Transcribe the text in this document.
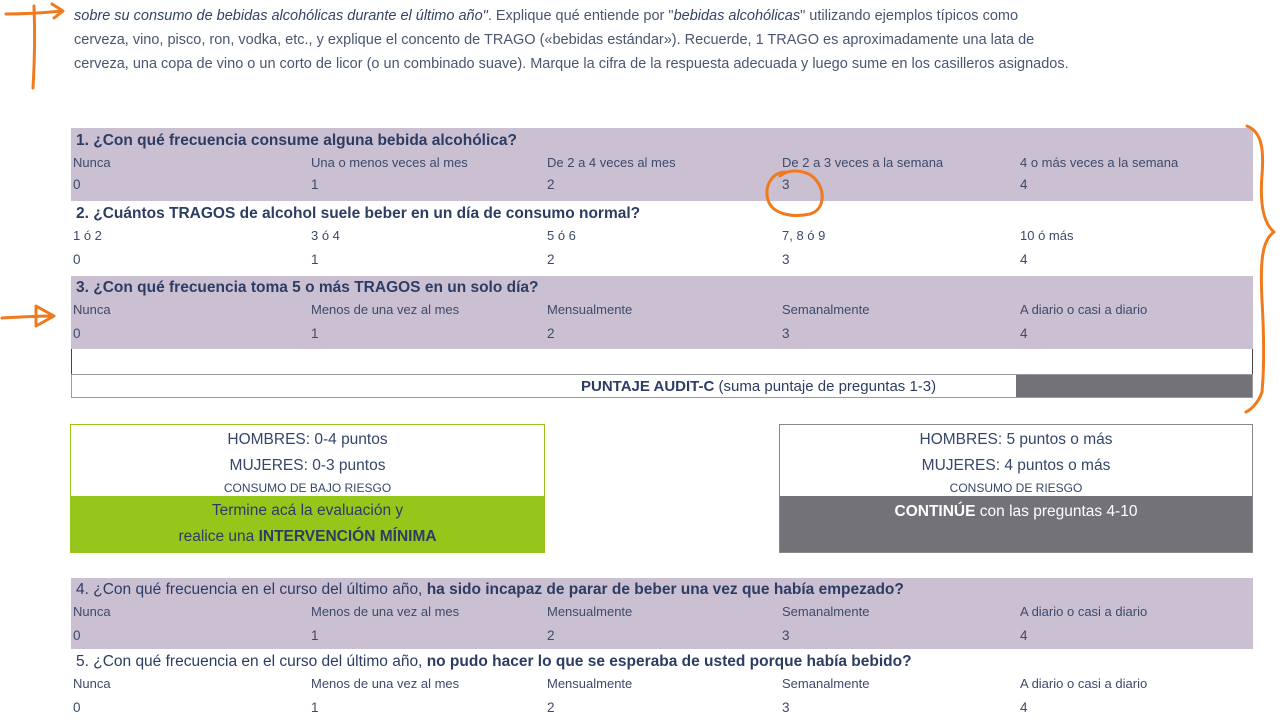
sobre su consumo de bebidas alcohólicas durante el último año". Explique qué entiende por "bebidas alcohólicas" utilizando ejemplos típicos como
cerveza, vino, pisco, ron, vodka, etc., y explique el concento de TRAGO («bebidas estándar»). Recuerde, 1 TRAGO es aproximadamente una lata de
cerveza, una copa de vino o un corto de licor (o un combinado suave). Marque la cifra de la respuesta adecuada y luego sume en los casilleros asignados.
1. ¿Con qué frecuencia consume alguna bebida alcohólica?
Nunca	Una o menos veces al mes	De 2 a 4 veces al mes	De 2 a 3 veces a la semana	4 o más veces a la semana
0	1	2	3	4
2. ¿Cuántos TRAGOS de alcohol suele beber en un día de consumo normal?
1 ó 2	3 ó 4	5 ó 6	7, 8 ó 9	10 ó más
0	1	2	3	4
3. ¿Con qué frecuencia toma 5 o más TRAGOS en un solo día?
Nunca	Menos de una vez al mes	Mensualmente	Semanalmente	A diario o casi a diario
0	1	2	3	4
PUNTAJE AUDIT-C (suma puntaje de preguntas 1-3)
HOMBRES: 0-4 puntos
MUJERES: 0-3 puntos
CONSUMO DE BAJO RIESGO
Termine acá la evaluación y
realice una INTERVENCIÓN MÍNIMA
HOMBRES: 5 puntos o más
MUJERES: 4 puntos o más
CONSUMO DE RIESGO
CONTINÚE con las preguntas 4-10
4. ¿Con qué frecuencia en el curso del último año, ha sido incapaz de parar de beber una vez que había empezado?
Nunca	Menos de una vez al mes	Mensualmente	Semanalmente	A diario o casi a diario
0	1	2	3	4
5. ¿Con qué frecuencia en el curso del último año, no pudo hacer lo que se esperaba de usted porque había bebido?
Nunca	Menos de una vez al mes	Mensualmente	Semanalmente	A diario o casi a diario
0	1	2	3	4
